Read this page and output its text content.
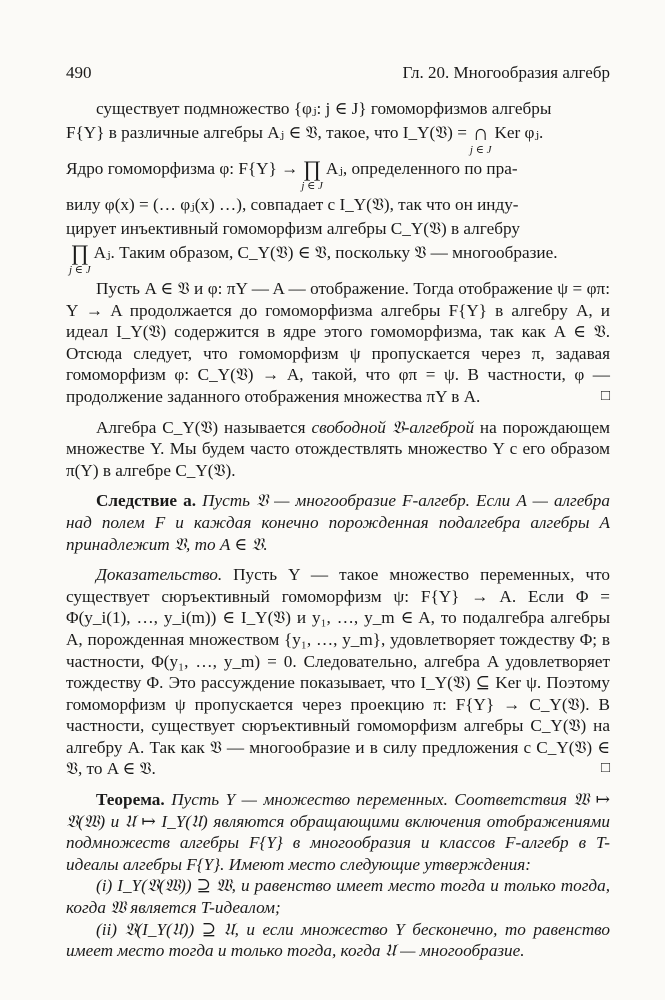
490	Гл. 20. Многообразия алгебр
существует подмножество {φⱼ: j ∈ J} гомоморфизмов алгебры
F{Y} в различные алгебры Aⱼ ∈ 𝔙, такое, что I_Y(𝔙) = ∩
j ∈ J
Ker φⱼ.
Ядро гомоморфизма φ: F{Y} → ∏
j ∈ J
Aⱼ, определенного по пра-
вилу φ(x) = (… φⱼ(x) …), совпадает с I_Y(𝔙), так что он инду-
цирует инъективный гомоморфизм алгебры C_Y(𝔙) в алгебру
∏
j ∈ J
Aⱼ. Таким образом, C_Y(𝔙) ∈ 𝔙, поскольку 𝔙 — многообразие.

Пусть A ∈ 𝔙 и φ: πY — A — отображение. Тогда отображение ψ = φπ: Y → A продолжается до гомоморфизма алгебры F{Y} в алгебру A, и идеал I_Y(𝔙) содержится в ядре этого гомоморфизма, так как A ∈ 𝔙. Отсюда следует, что гомоморфизм ψ пропускается через π, задавая гомоморфизм φ: C_Y(𝔙) → A, такой, что φπ = ψ. В частности, φ — продолжение заданного отображения множества πY в A.	□

Алгебра C_Y(𝔙) называется свободной 𝔙-алгеброй на порождающем множестве Y. Мы будем часто отождествлять множество Y с его образом π(Y) в алгебре C_Y(𝔙).

Следствие а. Пусть 𝔙 — многообразие F-алгебр. Если A — алгебра над полем F и каждая конечно порожденная подалгебра алгебры A принадлежит 𝔙, то A ∈ 𝔙.

Доказательство. Пусть Y — такое множество переменных, что существует сюръективный гомоморфизм ψ: F{Y} → A. Если Φ = Φ(y_i(1), …, y_i(m)) ∈ I_Y(𝔙) и y₁, …, y_m ∈ A, то подалгебра алгебры A, порожденная множеством {y₁, …, y_m}, удовлетворяет тождеству Φ; в частности, Φ(y₁, …, y_m) = 0. Следовательно, алгебра A удовлетворяет тождеству Φ. Это рассуждение показывает, что I_Y(𝔙) ⊆ Ker ψ. Поэтому гомоморфизм ψ пропускается через проекцию π: F{Y} → C_Y(𝔙). В частности, существует сюръективный гомоморфизм алгебры C_Y(𝔙) на алгебру A. Так как 𝔙 — многообразие и в силу предложения с C_Y(𝔙) ∈ 𝔙, то A ∈ 𝔙.	□

Теорема. Пусть Y — множество переменных. Соответствия 𝔚 ↦ 𝔙(𝔚) и 𝔘 ↦ I_Y(𝔘) являются обращающими включения отображениями подмножеств алгебры F{Y} в многообразия и классов F-алгебр в T-идеалы алгебры F{Y}. Имеют место следующие утверждения:

(i) I_Y(𝔙(𝔚)) ⊇ 𝔚, и равенство имеет место тогда и только тогда, когда 𝔚 является T-идеалом;

(ii) 𝔙(I_Y(𝔘)) ⊇ 𝔘, и если множество Y бесконечно, то равенство имеет место тогда и только тогда, когда 𝔘 — многообразие.
